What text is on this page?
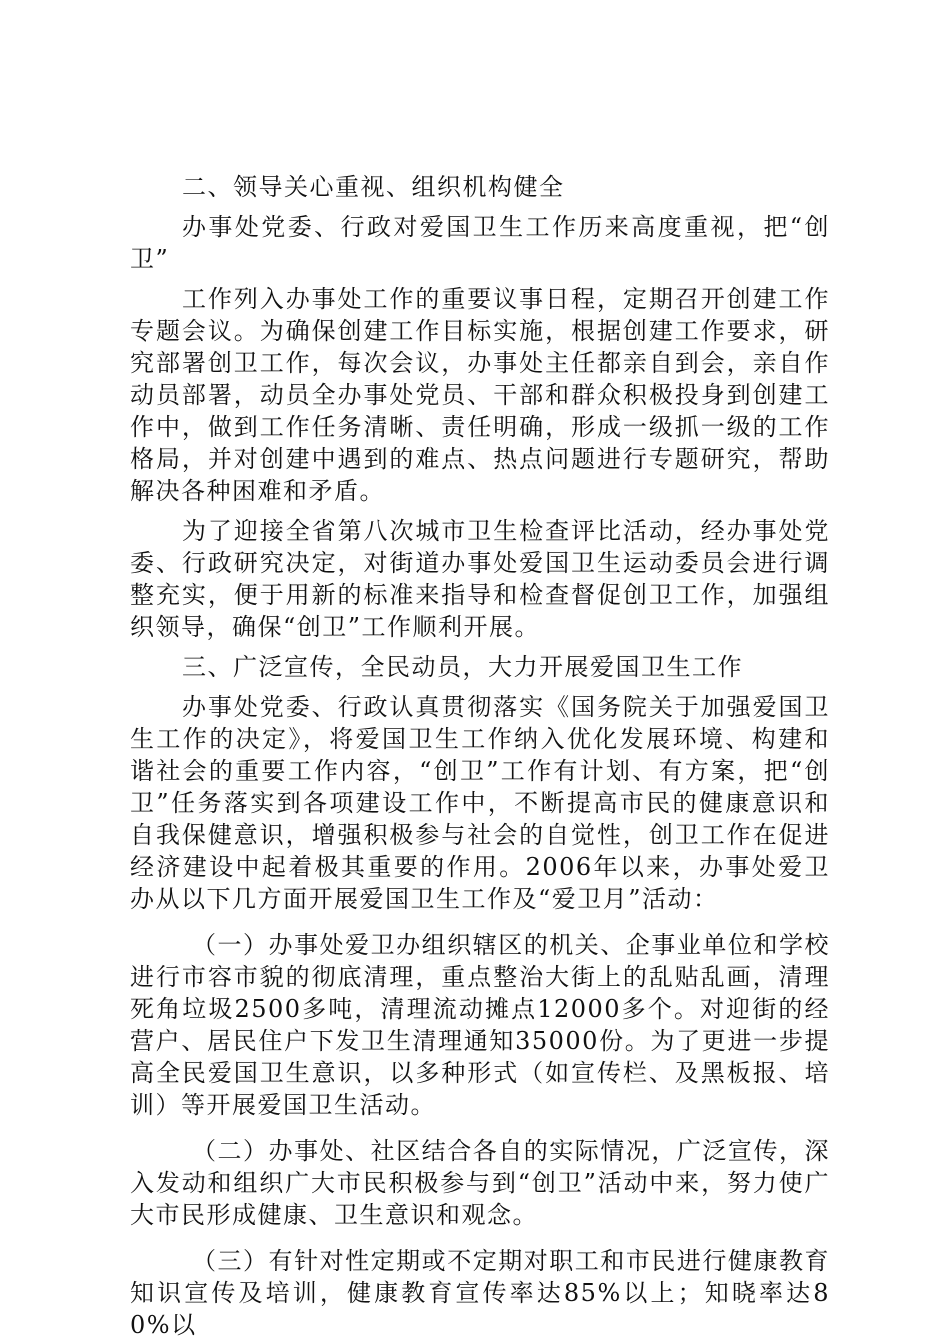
二、领导关心重视、组织机构健全

办事处党委、行政对爱国卫生工作历来高度重视，把“创卫”

工作列入办事处工作的重要议事日程，定期召开创建工作专题会议。为确保创建工作目标实施，根据创建工作要求，研究部署创卫工作，每次会议，办事处主任都亲自到会，亲自作动员部署，动员全办事处党员、干部和群众积极投身到创建工作中，做到工作任务清晰、责任明确，形成一级抓一级的工作格局，并对创建中遇到的难点、热点问题进行专题研究，帮助解决各种困难和矛盾。

为了迎接全省第八次城市卫生检查评比活动，经办事处党委、行政研究决定，对街道办事处爱国卫生运动委员会进行调整充实，便于用新的标准来指导和检查督促创卫工作，加强组织领导，确保“创卫”工作顺利开展。

三、广泛宣传，全民动员，大力开展爱国卫生工作

办事处党委、行政认真贯彻落实《国务院关于加强爱国卫生工作的决定》，将爱国卫生工作纳入优化发展环境、构建和谐社会的重要工作内容，“创卫”工作有计划、有方案，把“创卫”任务落实到各项建设工作中，不断提高市民的健康意识和自我保健意识，增强积极参与社会的自觉性，创卫工作在促进经济建设中起着极其重要的作用。2006年以来，办事处爱卫办从以下几方面开展爱国卫生工作及“爱卫月”活动：

（一）办事处爱卫办组织辖区的机关、企事业单位和学校进行市容市貌的彻底清理，重点整治大街上的乱贴乱画，清理死角垃圾2500多吨，清理流动摊点12000多个。对迎街的经营户、居民住户下发卫生清理通知35000份。为了更进一步提高全民爱国卫生意识，以多种形式（如宣传栏、及黑板报、培训）等开展爱国卫生活动。

（二）办事处、社区结合各自的实际情况，广泛宣传，深入发动和组织广大市民积极参与到“创卫”活动中来，努力使广大市民形成健康、卫生意识和观念。

（三）有针对性定期或不定期对职工和市民进行健康教育知识宣传及培训，健康教育宣传率达85%以上；知晓率达80%以
